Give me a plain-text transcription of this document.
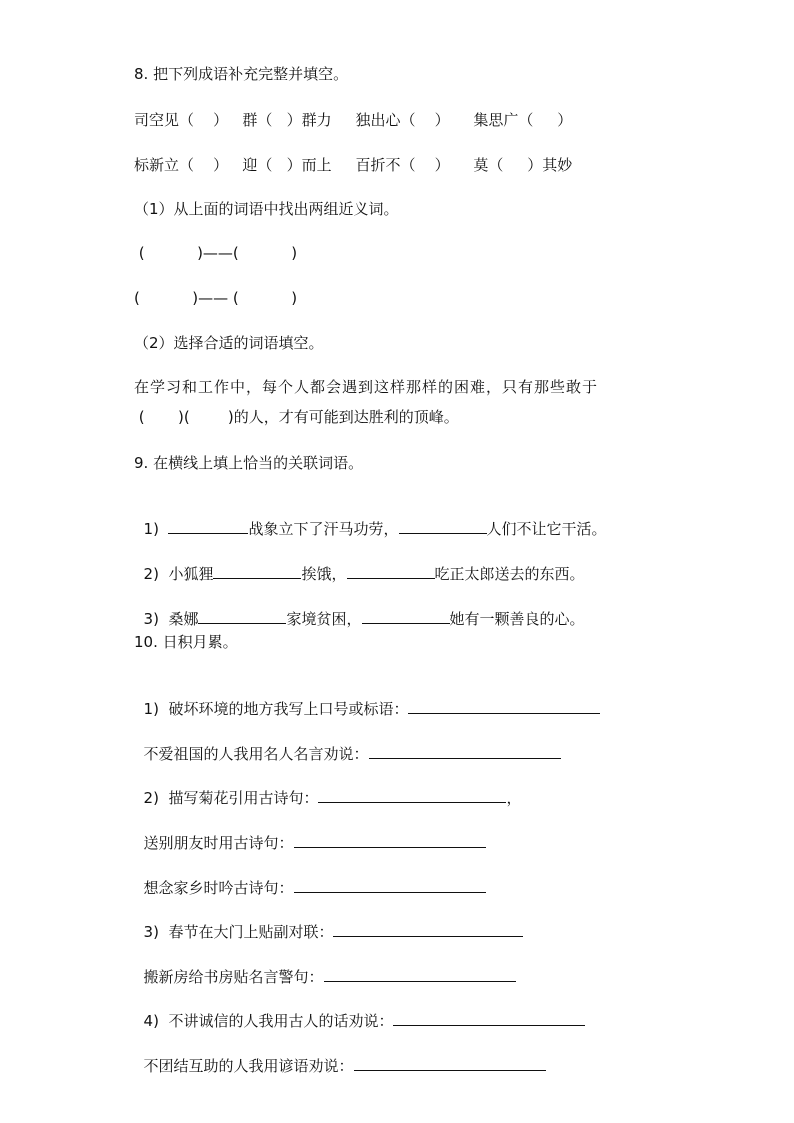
8. 把下列成语补充完整并填空。
司空见（    ）   群（   ）群力     独出心（    ）     集思广（     ）
标新立（    ）   迎（   ）而上     百折不（    ）     莫（     ）其妙
（1）从上面的词语中找出两组近义词。
(           )——(           )
(           )—— (           )
（2）选择合适的词语填空。
在学习和工作中，每个人都会遇到这样那样的困难，只有那些敢于
(       )(        )的人，才有可能到达胜利的顶峰。
9. 在横线上填上恰当的关联词语。

1)	战象立下了汗马功劳，	人们不让它干活。

2)  小狐狸	挨饿，	吃正太郎送去的东西。

3)  桑娜	家境贫困，	她有一颗善良的心。

10. 日积月累。

1)  破坏环境的地方我写上口号或标语：

不爱祖国的人我用名人名言劝说：

2)  描写菊花引用古诗句：	，

送别朋友时用古诗句：

想念家乡时吟古诗句：

3)  春节在大门上贴副对联：

搬新房给书房贴名言警句：

4)  不讲诚信的人我用古人的话劝说：

不团结互助的人我用谚语劝说：
